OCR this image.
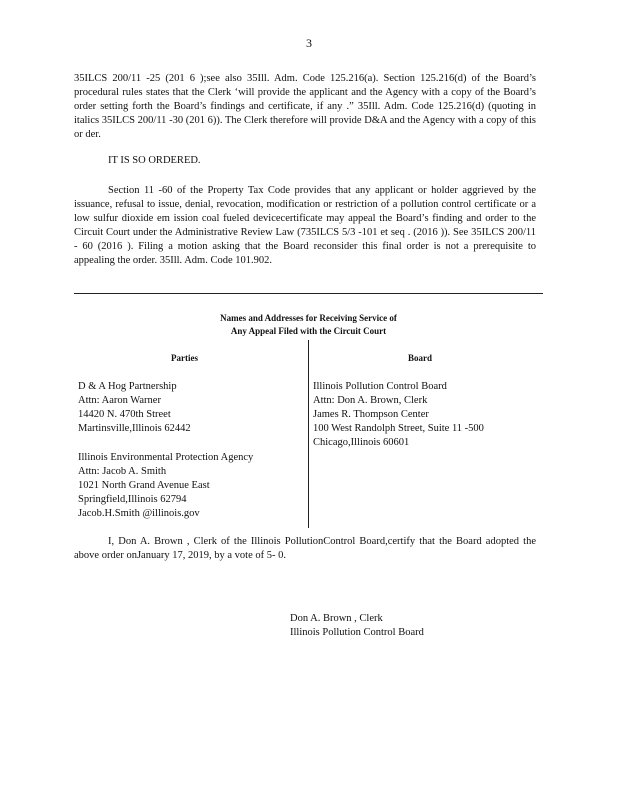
3

35ILCS 200/11 -25 (201 6 );see also 35Ill. Adm. Code 125.216(a). Section 125.216(d) of the Board’s procedural rules states that the Clerk ‘will provide the applicant and the Agency with a copy of the Board’s order setting forth the Board’s findings and certificate, if any .” 35Ill. Adm. Code 125.216(d) (quoting in italics 35ILCS 200/11 -30 (201 6)). The Clerk therefore will provide D&A and the Agency with a copy of this or der.

IT IS SO ORDERED.

Section 11 -60 of the Property Tax Code provides that any applicant or holder aggrieved by the issuance, refusal to issue, denial, revocation, modification or restriction of a pollution control certificate or a low sulfur dioxide em ission coal fueled devicecertificate may appeal the Board’s finding and order to the Circuit Court under the Administrative Review Law (735ILCS 5/3 -101 et seq . (2016 )). See 35ILCS 200/11 - 60 (2016 ). Filing a motion asking that the Board reconsider this final order is not a prerequisite to appealing the order. 35Ill. Adm. Code 101.902.

Names and Addresses for Receiving Service of
Any Appeal Filed with the Circuit Court
Parties	Board
D & A Hog Partnership
Attn: Aaron Warner
14420 N. 470th Street
Martinsville,Illinois 62442
Illinois Environmental Protection Agency
Attn: Jacob A. Smith
1021 North Grand Avenue East
Springfield,Illinois 62794
Jacob.H.Smith @illinois.gov
Illinois Pollution Control Board
Attn: Don A. Brown, Clerk
James R. Thompson Center
100 West Randolph Street, Suite 11 -500
Chicago,Illinois 60601
I, Don A. Brown , Clerk of the Illinois PollutionControl Board,certify that the Board adopted the above order onJanuary 17, 2019, by a vote of 5- 0.
Don A. Brown , Clerk
Illinois Pollution Control Board
